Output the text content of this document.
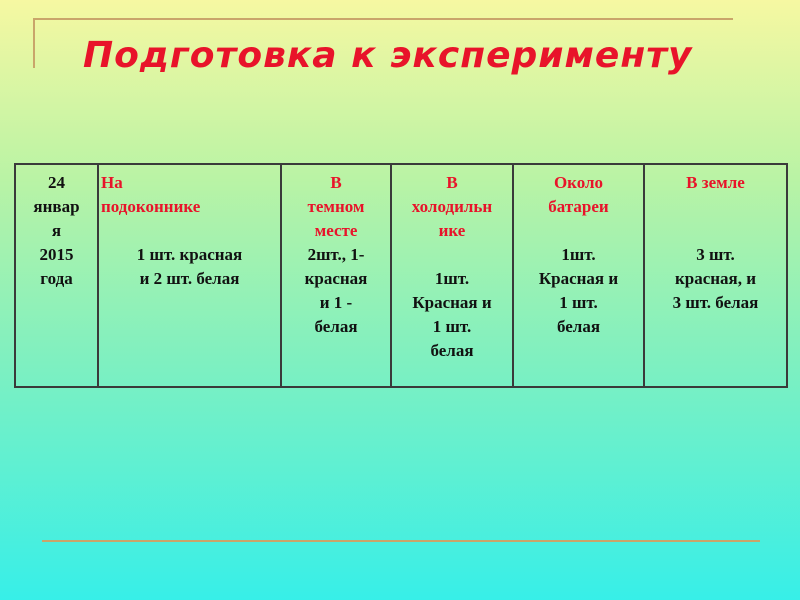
Подготовка к эксперименту
24
январ
я
2015
года

На
подоконнике
1 шт. красная
и 2 шт. белая

В
темном
месте
2шт., 1-
красная
и 1 -
белая

В
холодильн
ике
1шт.
Красная и
1 шт.
белая

Около
батареи
1шт.
Красная и
1 шт.
белая

В земле
3 шт.
красная, и
3 шт. белая
